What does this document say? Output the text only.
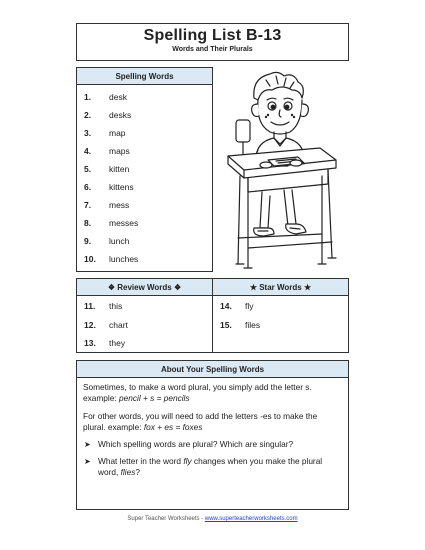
Spelling List B-13
Words and Their Plurals
Spelling Words
1. desk
2. desks
3. map
4. maps
5. kitten
6. kittens
7. mess
8. messes
9. lunch
10. lunches
❖ Review Words ❖
11. this
12. chart
13. they
★ Star Words ★
14. fly
15. files
About Your Spelling Words

Sometimes, to make a word plural, you simply add the letter s. example: pencil + s = pencils

For other words, you will need to add the letters -es to make the plural. example: fox + es = foxes

➤ Which spelling words are plural? Which are singular?
➤ What letter in the word fly changes when you make the plural word, flies?
Super Teacher Worksheets - www.superteacherworksheets.com
